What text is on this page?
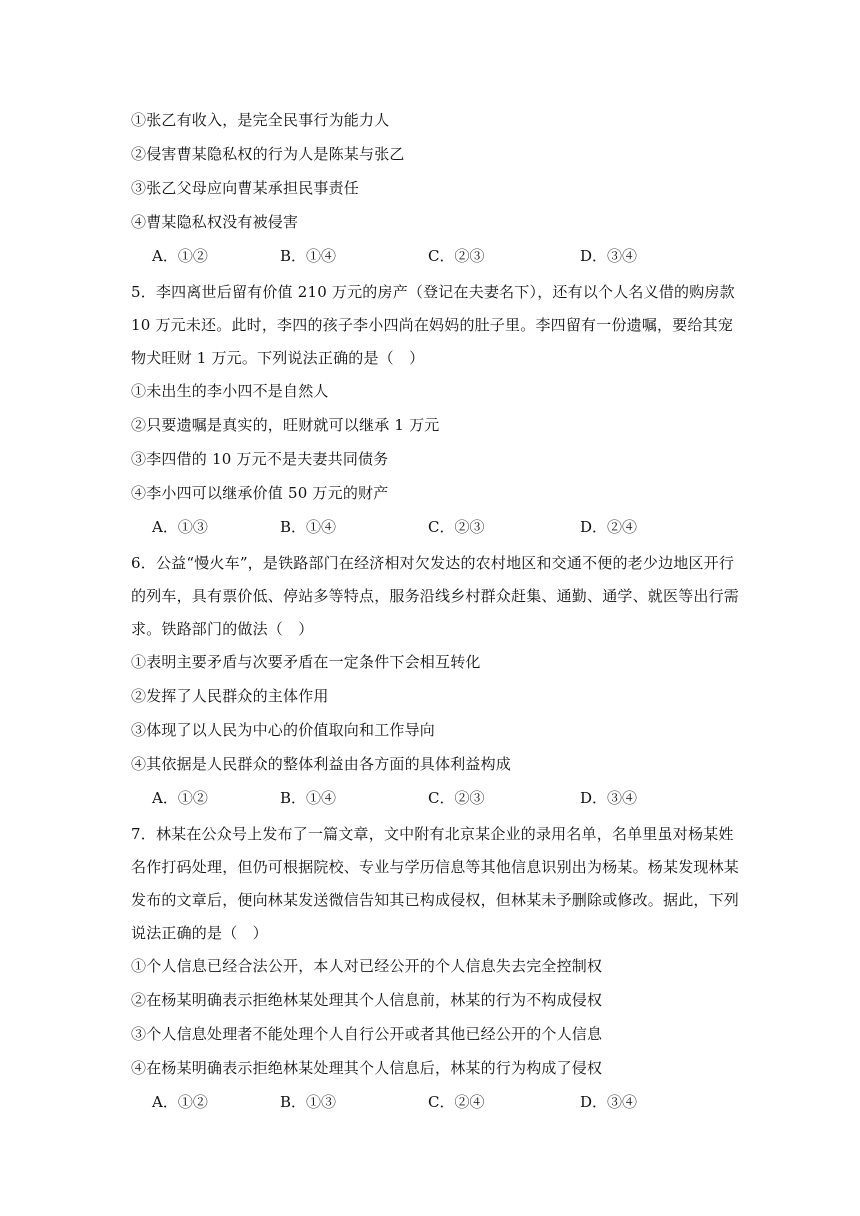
①张乙有收入，是完全民事行为能力人
②侵害曹某隐私权的行为人是陈某与张乙
③张乙父母应向曹某承担民事责任
④曹某隐私权没有被侵害
A．①②	B．①④	C．②③	D．③④
5．李四离世后留有价值 210 万元的房产（登记在夫妻名下），还有以个人名义借的购房款
10 万元未还。此时，李四的孩子李小四尚在妈妈的肚子里。李四留有一份遗嘱，要给其宠
物犬旺财 1 万元。下列说法正确的是（　）
①未出生的李小四不是自然人
②只要遗嘱是真实的，旺财就可以继承 1 万元
③李四借的 10 万元不是夫妻共同债务
④李小四可以继承价值 50 万元的财产
A．①③	B．①④	C．②③	D．②④
6．公益“慢火车”，是铁路部门在经济相对欠发达的农村地区和交通不便的老少边地区开行
的列车，具有票价低、停站多等特点，服务沿线乡村群众赶集、通勤、通学、就医等出行需
求。铁路部门的做法（　）
①表明主要矛盾与次要矛盾在一定条件下会相互转化
②发挥了人民群众的主体作用
③体现了以人民为中心的价值取向和工作导向
④其依据是人民群众的整体利益由各方面的具体利益构成
A．①②	B．①④	C．②③	D．③④
7．林某在公众号上发布了一篇文章，文中附有北京某企业的录用名单，名单里虽对杨某姓
名作打码处理，但仍可根据院校、专业与学历信息等其他信息识别出为杨某。杨某发现林某
发布的文章后，便向林某发送微信告知其已构成侵权，但林某未予删除或修改。据此，下列
说法正确的是（　）
①个人信息已经合法公开，本人对已经公开的个人信息失去完全控制权
②在杨某明确表示拒绝林某处理其个人信息前，林某的行为不构成侵权
③个人信息处理者不能处理个人自行公开或者其他已经公开的个人信息
④在杨某明确表示拒绝林某处理其个人信息后，林某的行为构成了侵权
A．①②	B．①③	C．②④	D．③④
